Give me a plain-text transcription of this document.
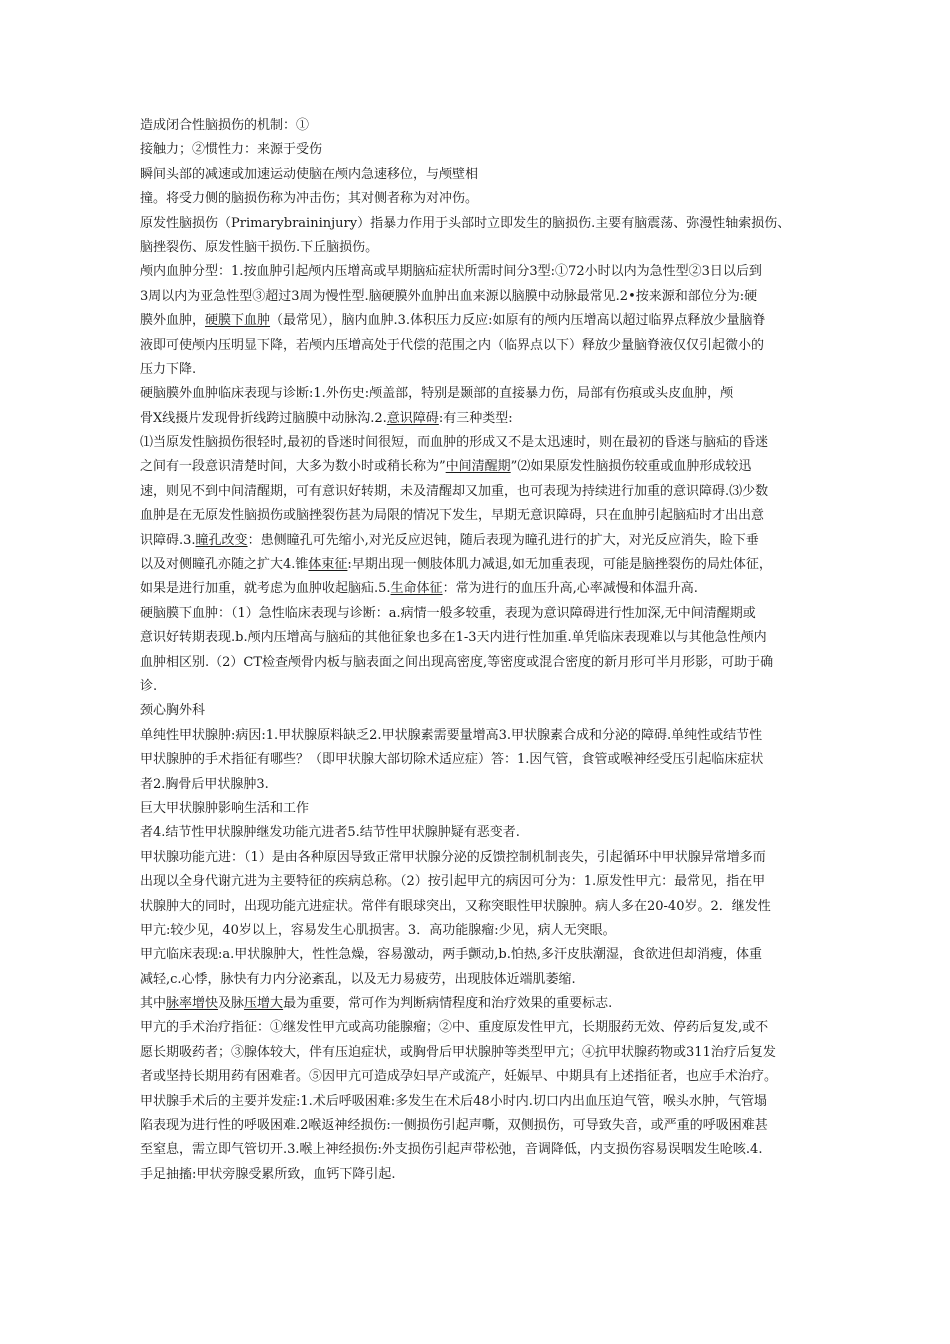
造成闭合性脑损伤的机制：①
接触力；②惯性力：来源于受伤
瞬间头部的减速或加速运动使脑在颅内急速移位，与颅壁相
撞。将受力侧的脑损伤称为冲击伤；其对侧者称为对冲伤。
原发性脑损伤（Primarybraininjury）指暴力作用于头部时立即发生的脑损伤.主要有脑震荡、弥漫性轴索损伤、
脑挫裂伤、原发性脑干损伤.下丘脑损伤。
颅内血肿分型：1.按血肿引起颅内压增高或早期脑疝症状所需时间分3型:①72小时以内为急性型②3日以后到
3周以内为亚急性型③超过3周为慢性型.脑硬膜外血肿出血来源以脑膜中动脉最常见.2•按来源和部位分为:硬
膜外血肿，硬膜下血肿（最常见），脑内血肿.3.体积压力反应:如原有的颅内压增高以超过临界点释放少量脑脊
液即可使颅内压明显下降，若颅内压增高处于代偿的范围之内（临界点以下）释放少量脑脊液仅仅引起微小的
压力下降.
硬脑膜外血肿临床表现与诊断:1.外伤史:颅盖部，特别是颞部的直接暴力伤，局部有伤痕或头皮血肿，颅
骨X线摄片发现骨折线跨过脑膜中动脉沟.2.意识障碍:有三种类型:
⑴当原发性脑损伤很轻时,最初的昏迷时间很短，而血肿的形成又不是太迅速时，则在最初的昏迷与脑疝的昏迷
之间有一段意识清楚时间，大多为数小时或稍长称为”中间清醒期”⑵如果原发性脑损伤较重或血肿形成较迅
速，则见不到中间清醒期，可有意识好转期，未及清醒却又加重，也可表现为持续进行加重的意识障碍.⑶少数
血肿是在无原发性脑损伤或脑挫裂伤甚为局限的情况下发生，早期无意识障碍，只在血肿引起脑疝时才出出意
识障碍.3.瞳孔改变：患侧瞳孔可先缩小,对光反应迟钝，随后表现为瞳孔进行的扩大，对光反应消失，睑下垂
以及对侧瞳孔亦随之扩大4.锥体束征:早期出现一侧肢体肌力减退,如无加重表现，可能是脑挫裂伤的局灶体征，
如果是进行加重，就考虑为血肿收起脑疝.5.生命体征：常为进行的血压升高,心率减慢和体温升高.
硬脑膜下血肿：（1）急性临床表现与诊断：a.病情一般多较重，表现为意识障碍进行性加深,无中间清醒期或
意识好转期表现.b.颅内压增高与脑疝的其他征象也多在1-3天内进行性加重.单凭临床表现难以与其他急性颅内
血肿相区别.（2）CT检查颅骨内板与脑表面之间出现高密度,等密度或混合密度的新月形可半月形影，可助于确
诊.
颈心胸外科
单纯性甲状腺肿:病因:1.甲状腺原料缺乏2.甲状腺素需要量增高3.甲状腺素合成和分泌的障碍.单纯性或结节性
甲状腺肿的手术指征有哪些？（即甲状腺大部切除术适应症）答：1.因气管，食管或喉神经受压引起临床症状
者2.胸骨后甲状腺肿3.
巨大甲状腺肿影响生活和工作
者4.结节性甲状腺肿继发功能亢进者5.结节性甲状腺肿疑有恶变者.
甲状腺功能亢进：（1）是由各种原因导致正常甲状腺分泌的反馈控制机制丧失，引起循环中甲状腺异常增多而
出现以全身代谢亢进为主要特征的疾病总称。（2）按引起甲亢的病因可分为：1.原发性甲亢：最常见，指在甲
状腺肿大的同时，出现功能亢进症状。常伴有眼球突出，又称突眼性甲状腺肿。病人多在20-40岁。2．继发性
甲亢:较少见，40岁以上，容易发生心肌损害。3．高功能腺瘤:少见，病人无突眼。
甲亢临床表现:a.甲状腺肿大，性性急燥，容易激动，两手颤动,b.怕热,多汗皮肤潮湿，食欲进但却消瘦，体重
减轻,c.心悸，脉快有力内分泌紊乱，以及无力易疲劳，出现肢体近端肌萎缩.
其中脉率增快及脉压增大最为重要，常可作为判断病情程度和治疗效果的重要标志.
甲亢的手术治疗指征：①继发性甲亢或高功能腺瘤；②中、重度原发性甲亢，长期服药无效、停药后复发,或不
愿长期吸药者；③腺体较大，伴有压迫症状，或胸骨后甲状腺肿等类型甲亢；④抗甲状腺药物或311治疗后复发
者或坚持长期用药有困难者。⑤因甲亢可造成孕妇早产或流产，妊娠早、中期具有上述指征者，也应手术治疗。
甲状腺手术后的主要并发症:1.术后呼吸困难:多发生在术后48小时内.切口内出血压迫气管，喉头水肿，气管塌
陷表现为进行性的呼吸困难.2喉返神经损伤:一侧损伤引起声嘶，双侧损伤，可导致失音，或严重的呼吸困难甚
至窒息，需立即气管切开.3.喉上神经损伤:外支损伤引起声带松弛，音调降低，内支损伤容易误咽发生呛咳.4.
手足抽搐:甲状旁腺受累所致，血钙下降引起.
